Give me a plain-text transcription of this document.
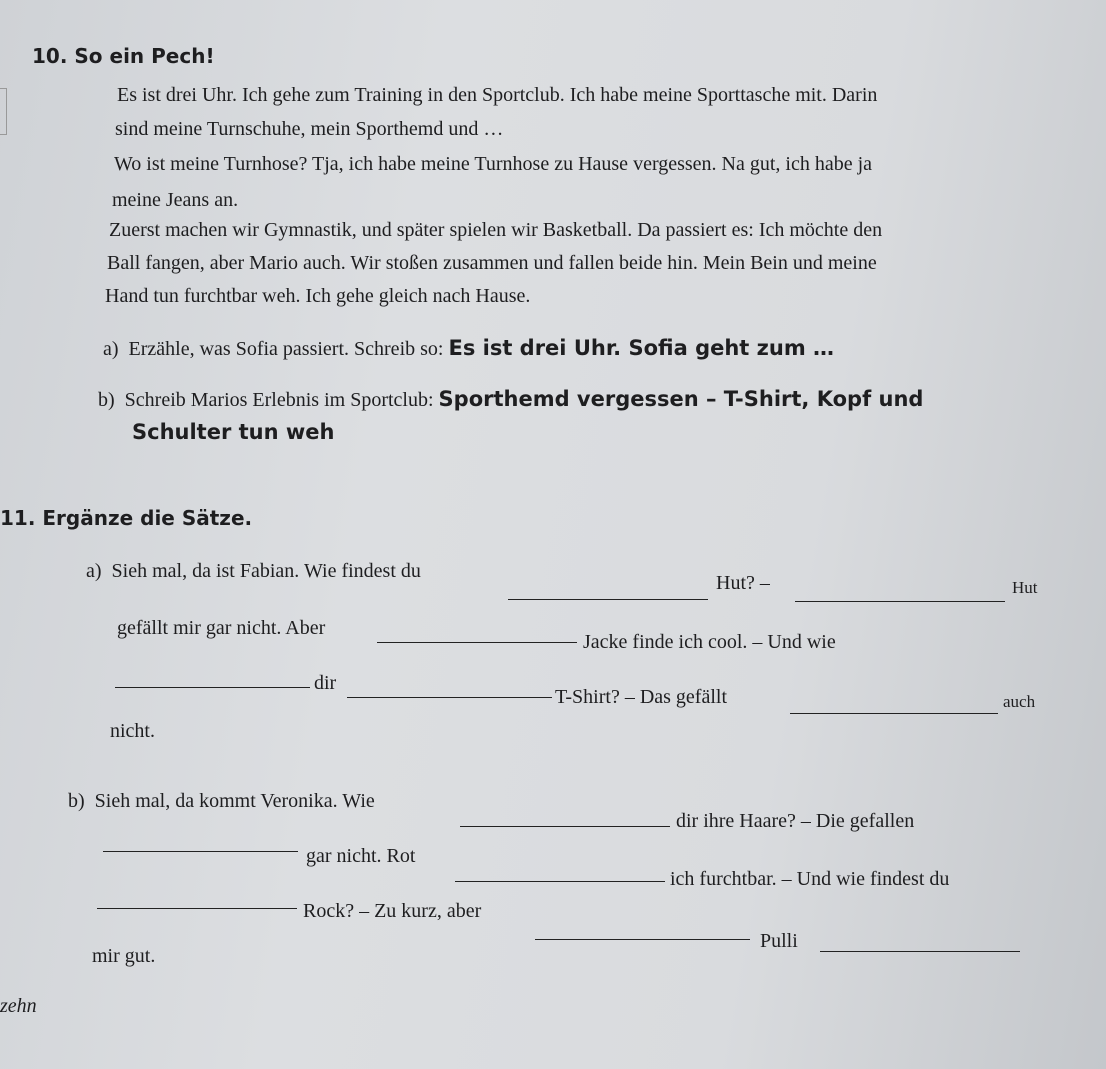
10. So ein Pech!
Es ist drei Uhr. Ich gehe zum Training in den Sportclub. Ich habe meine Sporttasche mit. Darin
sind meine Turnschuhe, mein Sporthemd und …
Wo ist meine Turnhose? Tja, ich habe meine Turnhose zu Hause vergessen. Na gut, ich habe ja
meine Jeans an.
Zuerst machen wir Gymnastik, und später spielen wir Basketball. Da passiert es: Ich möchte den
Ball fangen, aber Mario auch. Wir stoßen zusammen und fallen beide hin. Mein Bein und meine
Hand tun furchtbar weh. Ich gehe gleich nach Hause.
a) Erzähle, was Sofia passiert. Schreib so: Es ist drei Uhr. Sofia geht zum …
b) Schreib Marios Erlebnis im Sportclub: Sporthemd vergessen – T-Shirt, Kopf und
Schulter tun weh
11. Ergänze die Sätze.
a) Sieh mal, da ist Fabian. Wie findest du
Hut? –	Hut
gefällt mir gar nicht. Aber
Jacke finde ich cool. – Und wie
dir
T-Shirt? – Das gefällt	auch
nicht.
b) Sieh mal, da kommt Veronika. Wie
dir ihre Haare? – Die gefallen
gar nicht. Rot
ich furchtbar. – Und wie findest du
Rock? – Zu kurz, aber
Pulli
mir gut.
zehn
